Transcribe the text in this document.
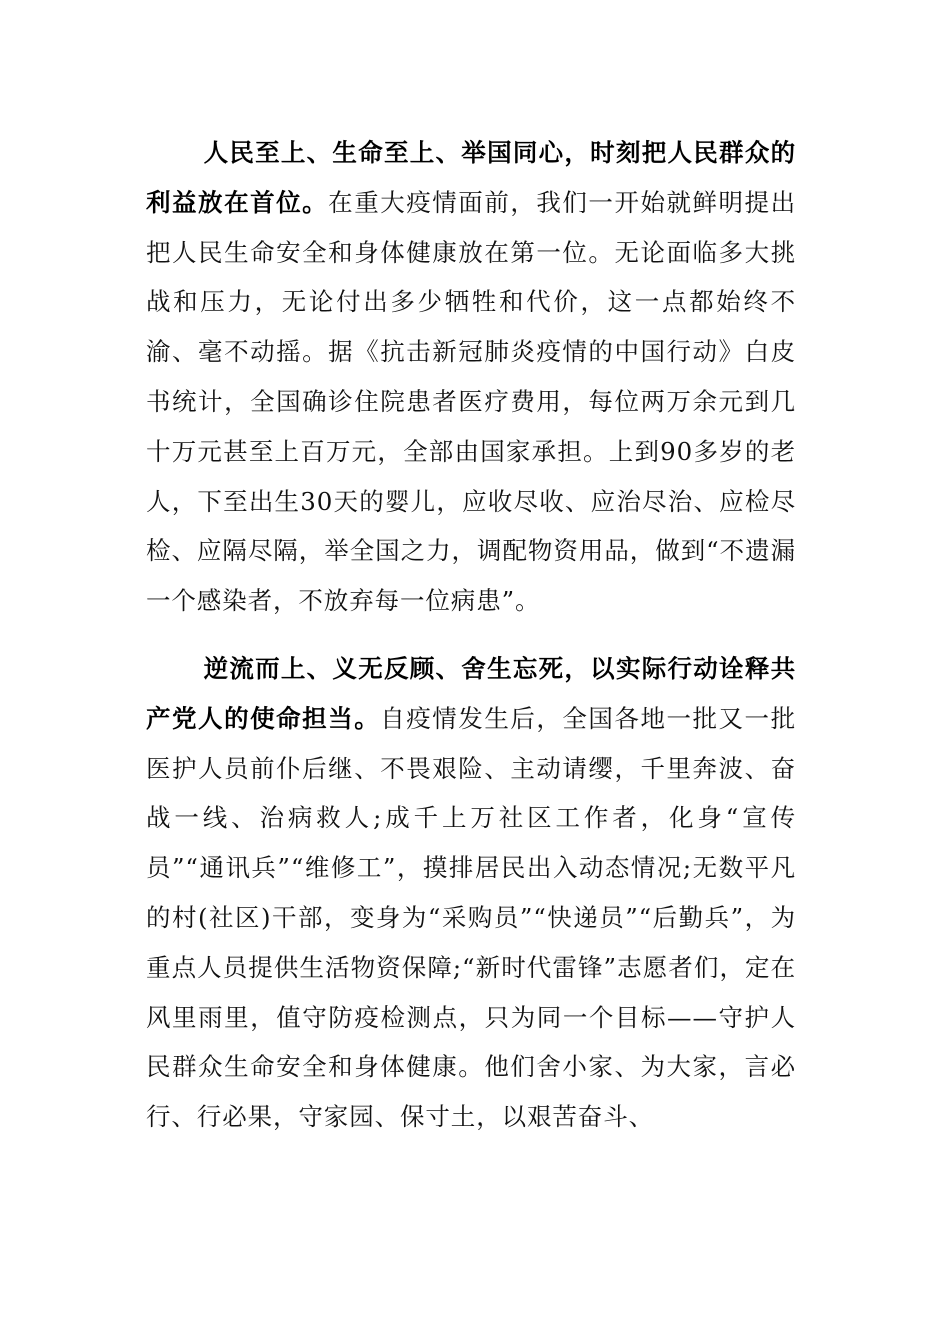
人民至上、生命至上、举国同心，时刻把人民群众的利益放在首位。在重大疫情面前，我们一开始就鲜明提出把人民生命安全和身体健康放在第一位。无论面临多大挑战和压力，无论付出多少牺牲和代价，这一点都始终不渝、毫不动摇。据《抗击新冠肺炎疫情的中国行动》白皮书统计，全国确诊住院患者医疗费用，每位两万余元到几十万元甚至上百万元，全部由国家承担。上到90多岁的老人，下至出生30天的婴儿，应收尽收、应治尽治、应检尽检、应隔尽隔，举全国之力，调配物资用品，做到“不遗漏一个感染者，不放弃每一位病患”。

逆流而上、义无反顾、舍生忘死，以实际行动诠释共产党人的使命担当。自疫情发生后，全国各地一批又一批医护人员前仆后继、不畏艰险、主动请缨，千里奔波、奋战一线、治病救人;成千上万社区工作者，化身“宣传员”“通讯兵”“维修工”，摸排居民出入动态情况;无数平凡的村(社区)干部，变身为“采购员”“快递员”“后勤兵”，为重点人员提供生活物资保障;“新时代雷锋”志愿者们，定在风里雨里，值守防疫检测点，只为同一个目标——守护人民群众生命安全和身体健康。他们舍小家、为大家，言必行、行必果，守家园、保寸土，以艰苦奋斗、
